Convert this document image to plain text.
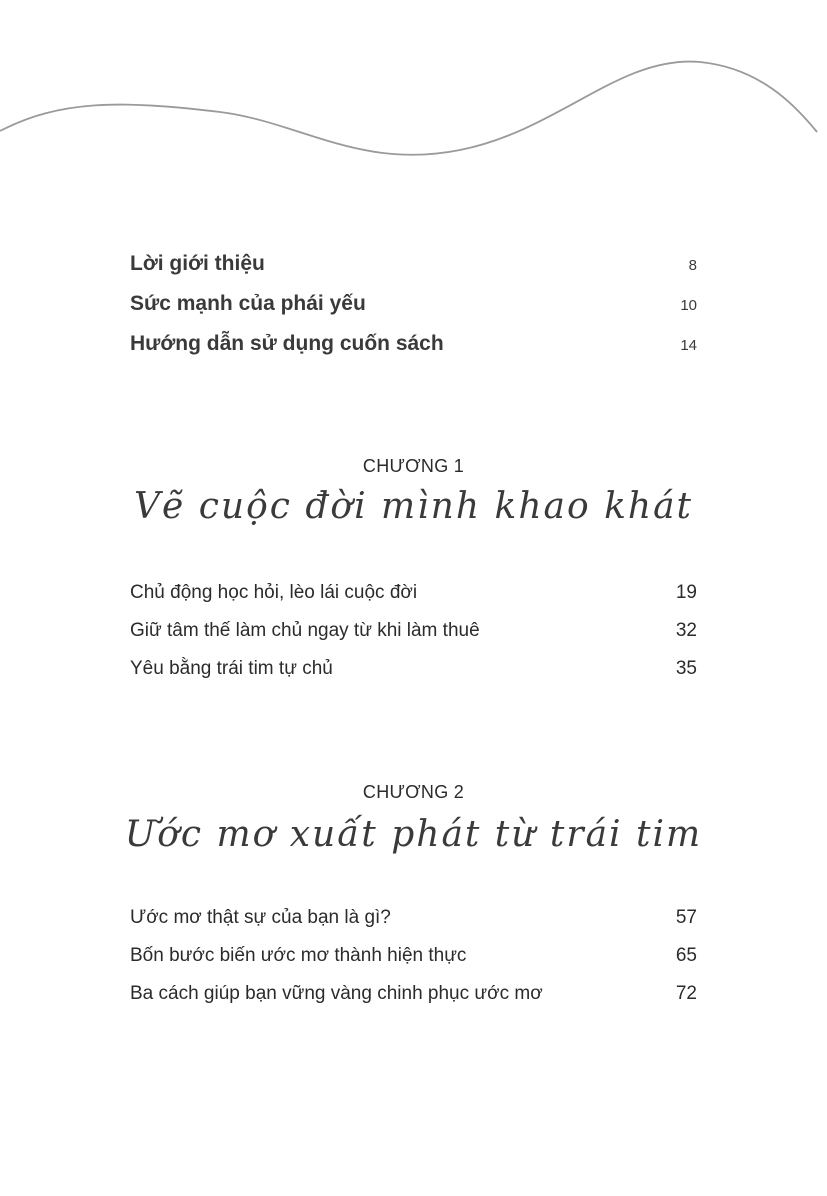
Lời giới thiệu	8
Sức mạnh của phái yếu	10
Hướng dẫn sử dụng cuốn sách	14
CHƯƠNG 1
Vẽ cuộc đời mình khao khát
Chủ động học hỏi, lèo lái cuộc đời	19
Giữ tâm thế làm chủ ngay từ khi làm thuê	32
Yêu bằng trái tim tự chủ	35
CHƯƠNG 2
Ước mơ xuất phát từ trái tim
Ước mơ thật sự của bạn là gì?	57
Bốn bước biến ước mơ thành hiện thực	65
Ba cách giúp bạn vững vàng chinh phục ước mơ	72
